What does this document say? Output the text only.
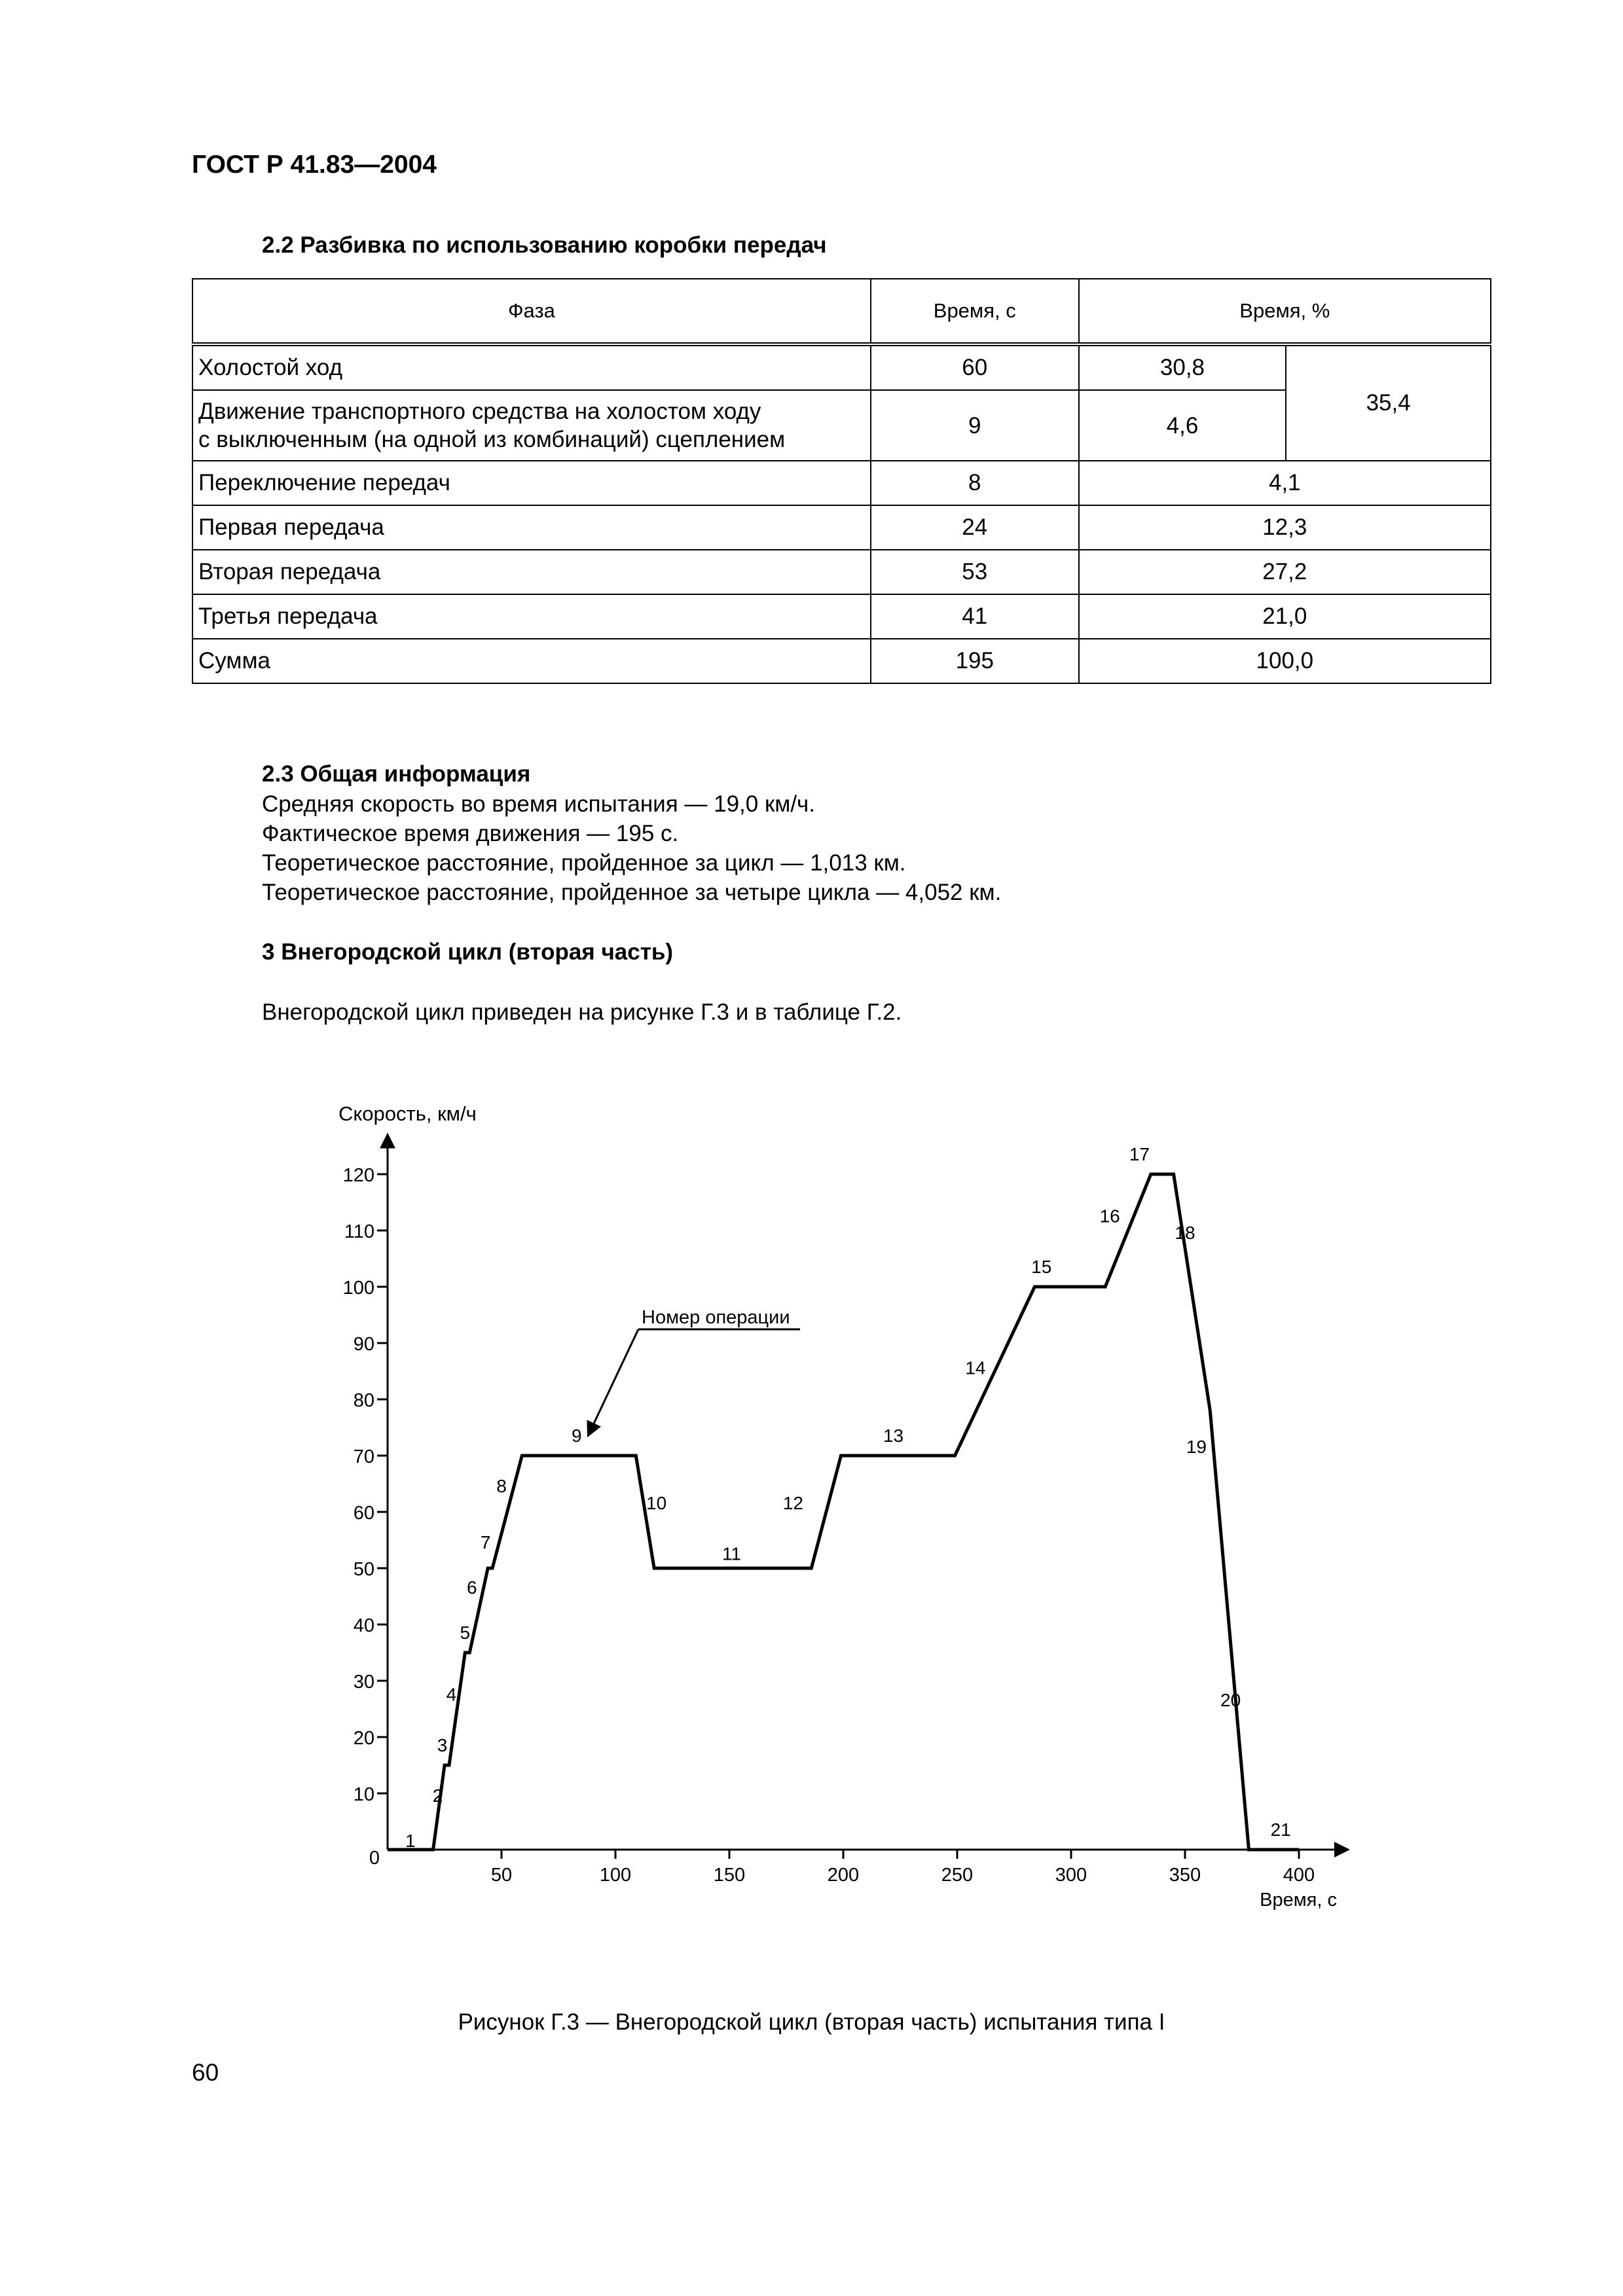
ГОСТ Р 41.83—2004
2.2 Разбивка по использованию коробки передач
Фаза	Время, с	Время, %	
Холостой ход	60	30,8	35,4
Движение транспортного средства на холостом ходу
с выключенным (на одной из комбинаций) сцеплением	9	4,6	
Переключение передач	8	4,1	
Первая передача	24	12,3	
Вторая передача	53	27,2	
Третья передача	41	21,0	
Сумма	195	100,0	
2.3 Общая информация
Средняя скорость во время испытания — 19,0 км/ч.
Фактическое время движения — 195 с.
Теоретическое расстояние, пройденное за цикл — 1,013 км.
Теоретическое расстояние, пройденное за четыре цикла — 4,052 км.
3 Внегородской цикл (вторая часть)
Внегородской цикл приведен на рисунке Г.3 и в таблице Г.2.
Скорость, км/ч
Время, с
0
10
20
30
40
50
60
70
80
90
100
110
120
50	100	150	200	250	300	350	400
1
2
3
4
5
6
7
8
9
10
11
12
13
14
15
16
17
18
19
20
21
Номер операции
Рисунок Г.3 — Внегородской цикл (вторая часть) испытания типа I
60
